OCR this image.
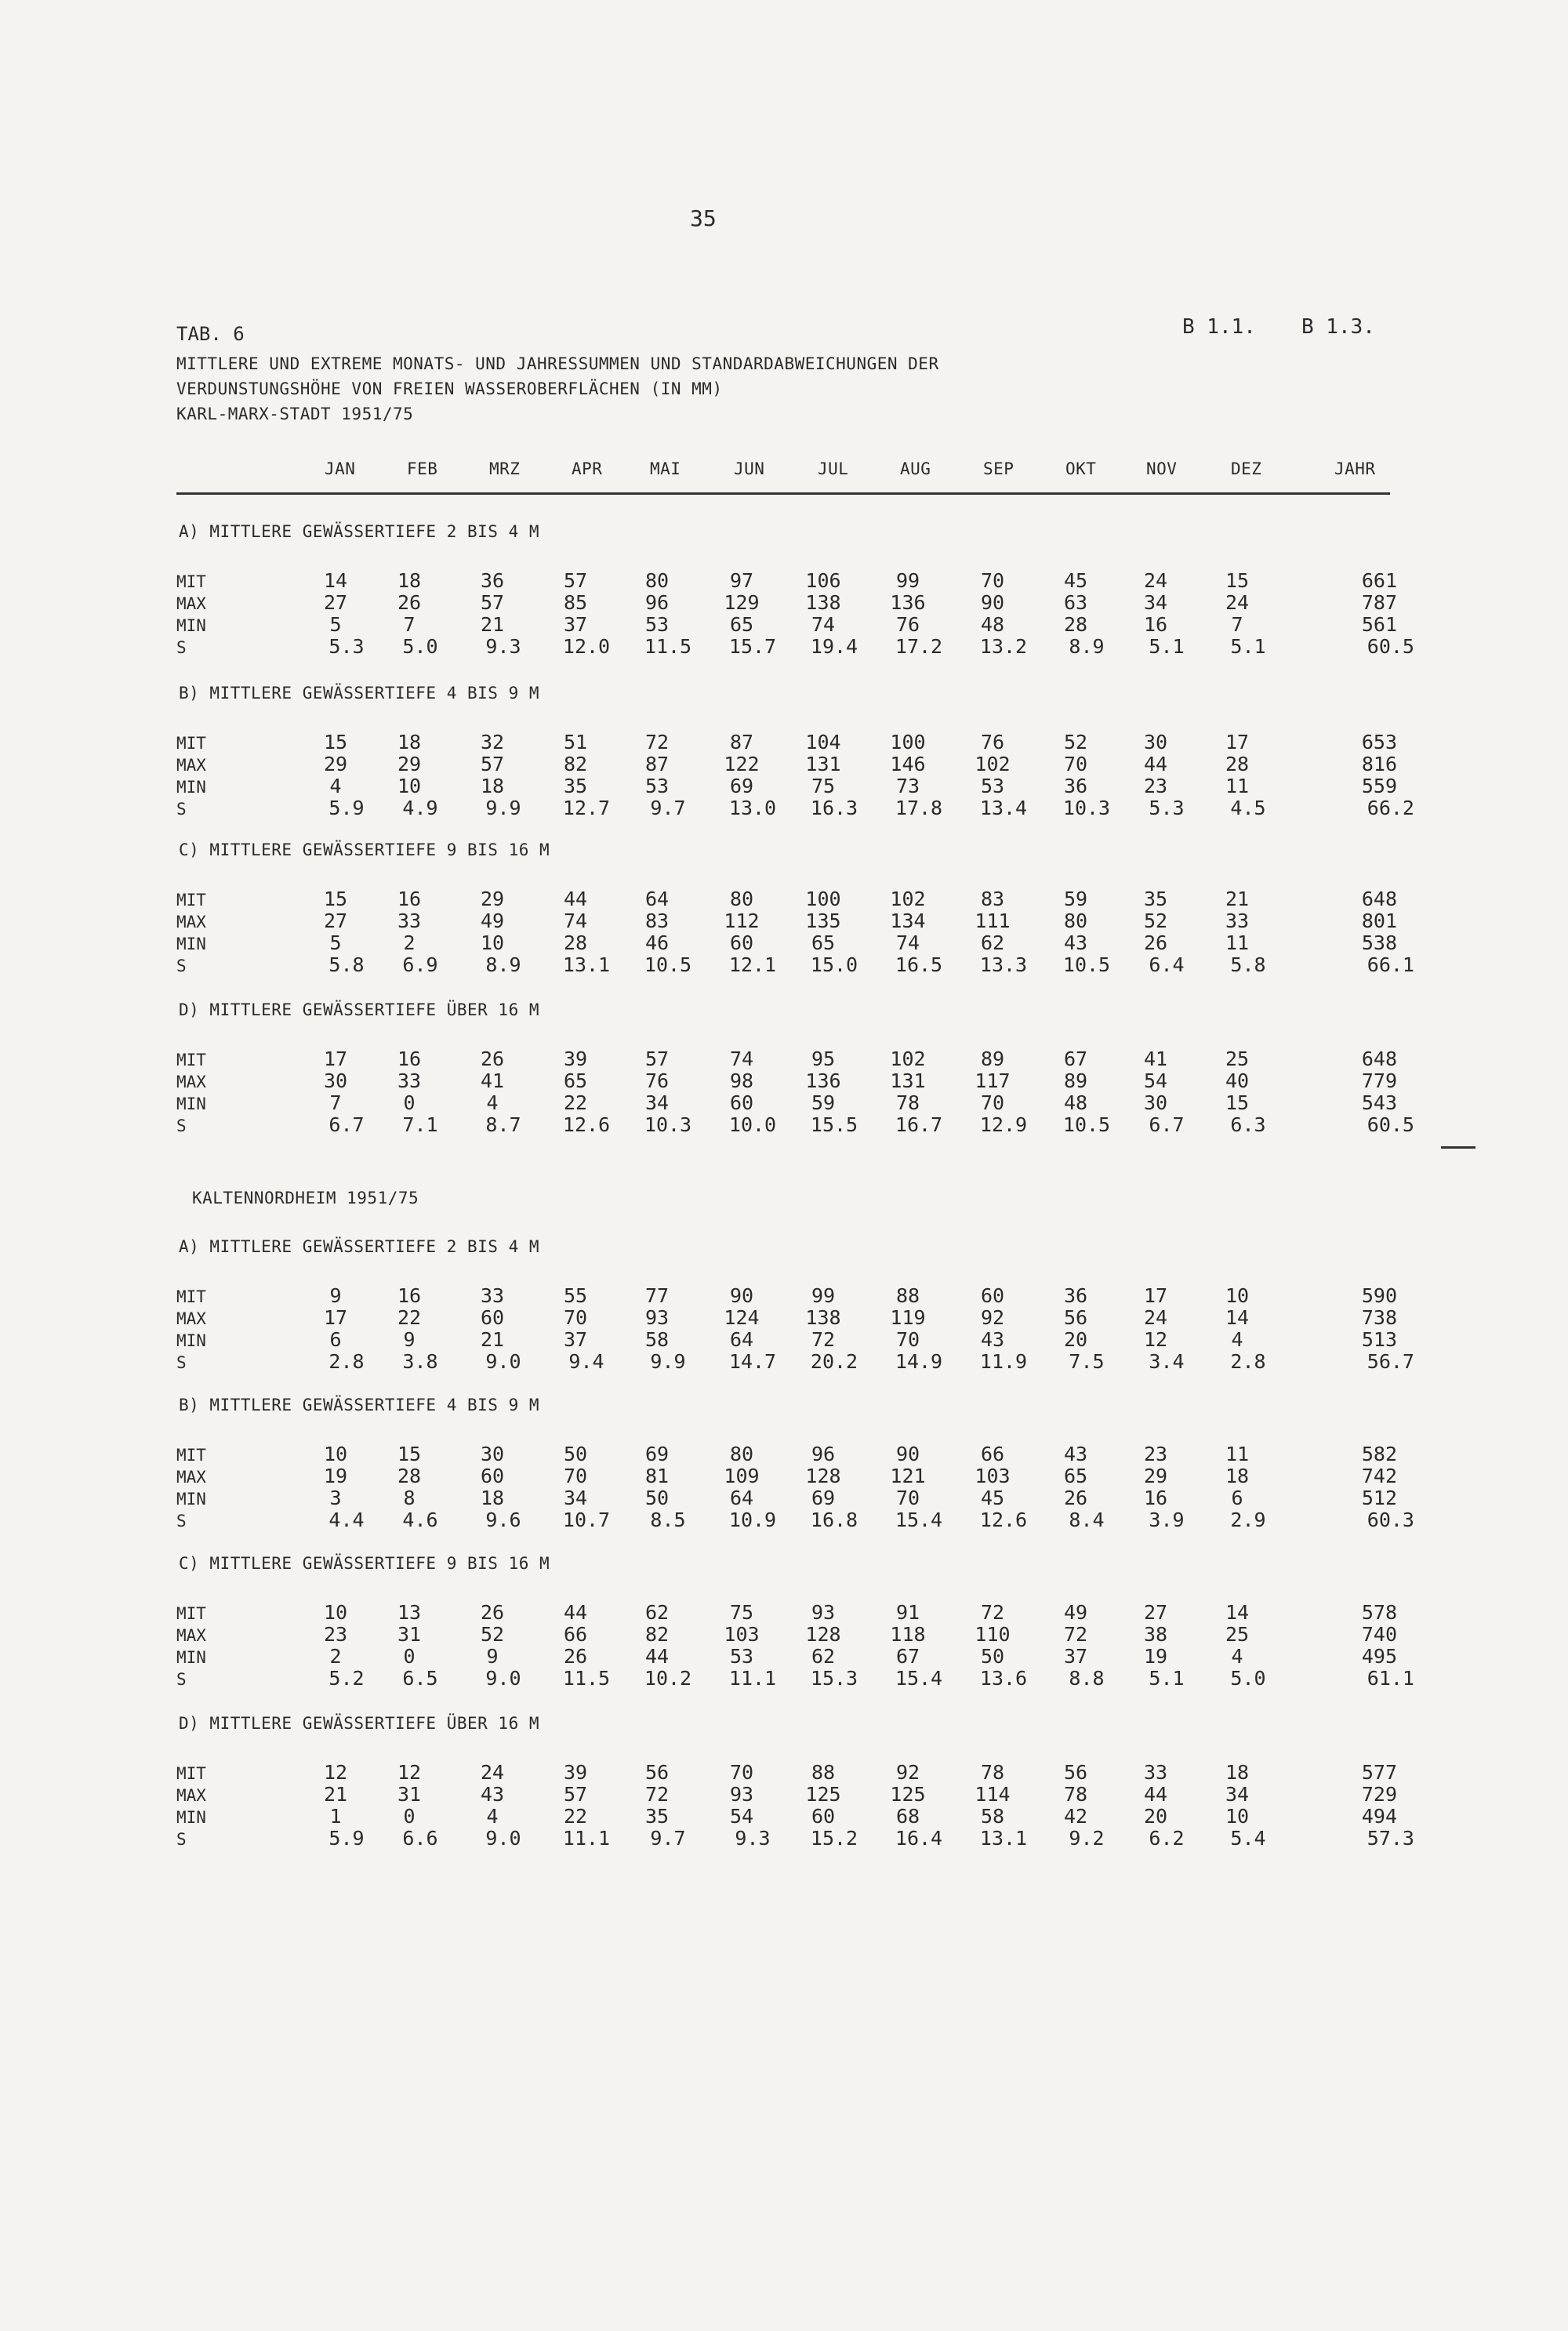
35
TAB. 6	B 1.1. B 1.3.
MITTLERE UND EXTREME MONATS- UND JAHRESSUMMEN UND STANDARDABWEICHUNGEN DER
VERDUNSTUNGSHÖHE VON FREIEN WASSEROBERFLÄCHEN (IN MM)
KARL-MARX-STADT 1951/75
JAN	FEB	MRZ	APR	MAI	JUN	JUL	AUG	SEP	OKT	NOV	DEZ	JAHR
KALTENNORDHEIM 1951/75
A) MITTLERE GEWÄSSERTIEFE 2 BIS 4 M
MIT	14	18	36	57	80	97	106	99	70	45	24	15	661
MAX	27	26	57	85	96	129	138	136	90	63	34	24	787
MIN	5	7	21	37	53	65	74	76	48	28	16	7	561
S	5.3	5.0	9.3	12.0	11.5	15.7	19.4	17.2	13.2	8.9	5.1	5.1	60.5
B) MITTLERE GEWÄSSERTIEFE 4 BIS 9 M
MIT	15	18	32	51	72	87	104	100	76	52	30	17	653
MAX	29	29	57	82	87	122	131	146	102	70	44	28	816
MIN	4	10	18	35	53	69	75	73	53	36	23	11	559
S	5.9	4.9	9.9	12.7	9.7	13.0	16.3	17.8	13.4	10.3	5.3	4.5	66.2
C) MITTLERE GEWÄSSERTIEFE 9 BIS 16 M
MIT	15	16	29	44	64	80	100	102	83	59	35	21	648
MAX	27	33	49	74	83	112	135	134	111	80	52	33	801
MIN	5	2	10	28	46	60	65	74	62	43	26	11	538
S	5.8	6.9	8.9	13.1	10.5	12.1	15.0	16.5	13.3	10.5	6.4	5.8	66.1
D) MITTLERE GEWÄSSERTIEFE ÜBER 16 M
MIT	17	16	26	39	57	74	95	102	89	67	41	25	648
MAX	30	33	41	65	76	98	136	131	117	89	54	40	779
MIN	7	0	4	22	34	60	59	78	70	48	30	15	543
S	6.7	7.1	8.7	12.6	10.3	10.0	15.5	16.7	12.9	10.5	6.7	6.3	60.5
A) MITTLERE GEWÄSSERTIEFE 2 BIS 4 M
MIT	9	16	33	55	77	90	99	88	60	36	17	10	590
MAX	17	22	60	70	93	124	138	119	92	56	24	14	738
MIN	6	9	21	37	58	64	72	70	43	20	12	4	513
S	2.8	3.8	9.0	9.4	9.9	14.7	20.2	14.9	11.9	7.5	3.4	2.8	56.7
B) MITTLERE GEWÄSSERTIEFE 4 BIS 9 M
MIT	10	15	30	50	69	80	96	90	66	43	23	11	582
MAX	19	28	60	70	81	109	128	121	103	65	29	18	742
MIN	3	8	18	34	50	64	69	70	45	26	16	6	512
S	4.4	4.6	9.6	10.7	8.5	10.9	16.8	15.4	12.6	8.4	3.9	2.9	60.3
C) MITTLERE GEWÄSSERTIEFE 9 BIS 16 M
MIT	10	13	26	44	62	75	93	91	72	49	27	14	578
MAX	23	31	52	66	82	103	128	118	110	72	38	25	740
MIN	2	0	9	26	44	53	62	67	50	37	19	4	495
S	5.2	6.5	9.0	11.5	10.2	11.1	15.3	15.4	13.6	8.8	5.1	5.0	61.1
D) MITTLERE GEWÄSSERTIEFE ÜBER 16 M
MIT	12	12	24	39	56	70	88	92	78	56	33	18	577
MAX	21	31	43	57	72	93	125	125	114	78	44	34	729
MIN	1	0	4	22	35	54	60	68	58	42	20	10	494
S	5.9	6.6	9.0	11.1	9.7	9.3	15.2	16.4	13.1	9.2	6.2	5.4	57.3
